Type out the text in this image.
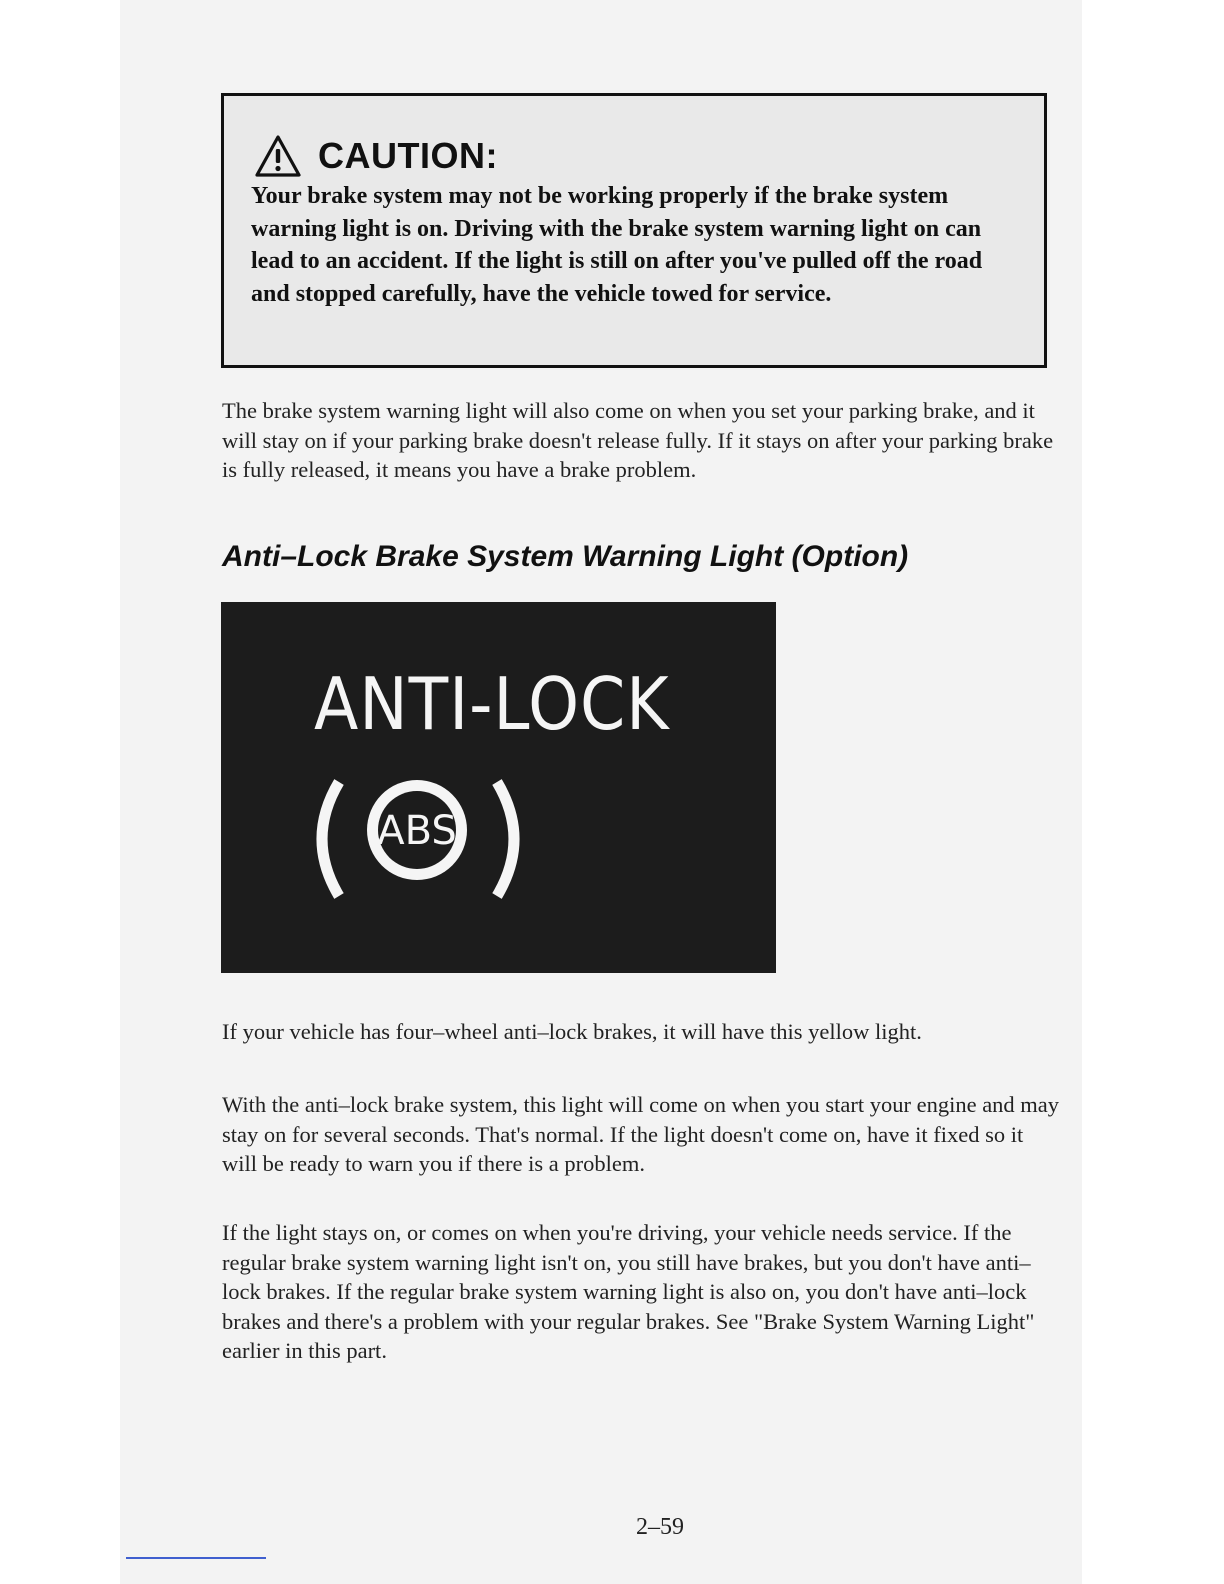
CAUTION:
Your brake system may not be working properly if the brake system warning light is on. Driving with the brake system warning light on can lead to an accident. If the light is still on after you've pulled off the road and stopped carefully, have the vehicle towed for service.

The brake system warning light will also come on when you set your parking brake, and it will stay on if your parking brake doesn't release fully. If it stays on after your parking brake is fully released, it means you have a brake problem.

Anti–Lock Brake System Warning Light (Option)
ANTI-LOCK
ABS

If your vehicle has four–wheel anti–lock brakes, it will have this yellow light.

With the anti–lock brake system, this light will come on when you start your engine and may stay on for several seconds. That's normal. If the light doesn't come on, have it fixed so it will be ready to warn you if there is a problem.

If the light stays on, or comes on when you're driving, your vehicle needs service. If the regular brake system warning light isn't on, you still have brakes, but you don't have anti–lock brakes. If the regular brake system warning light is also on, you don't have anti–lock brakes and there's a problem with your regular brakes. See "Brake System Warning Light" earlier in this part.

2–59
